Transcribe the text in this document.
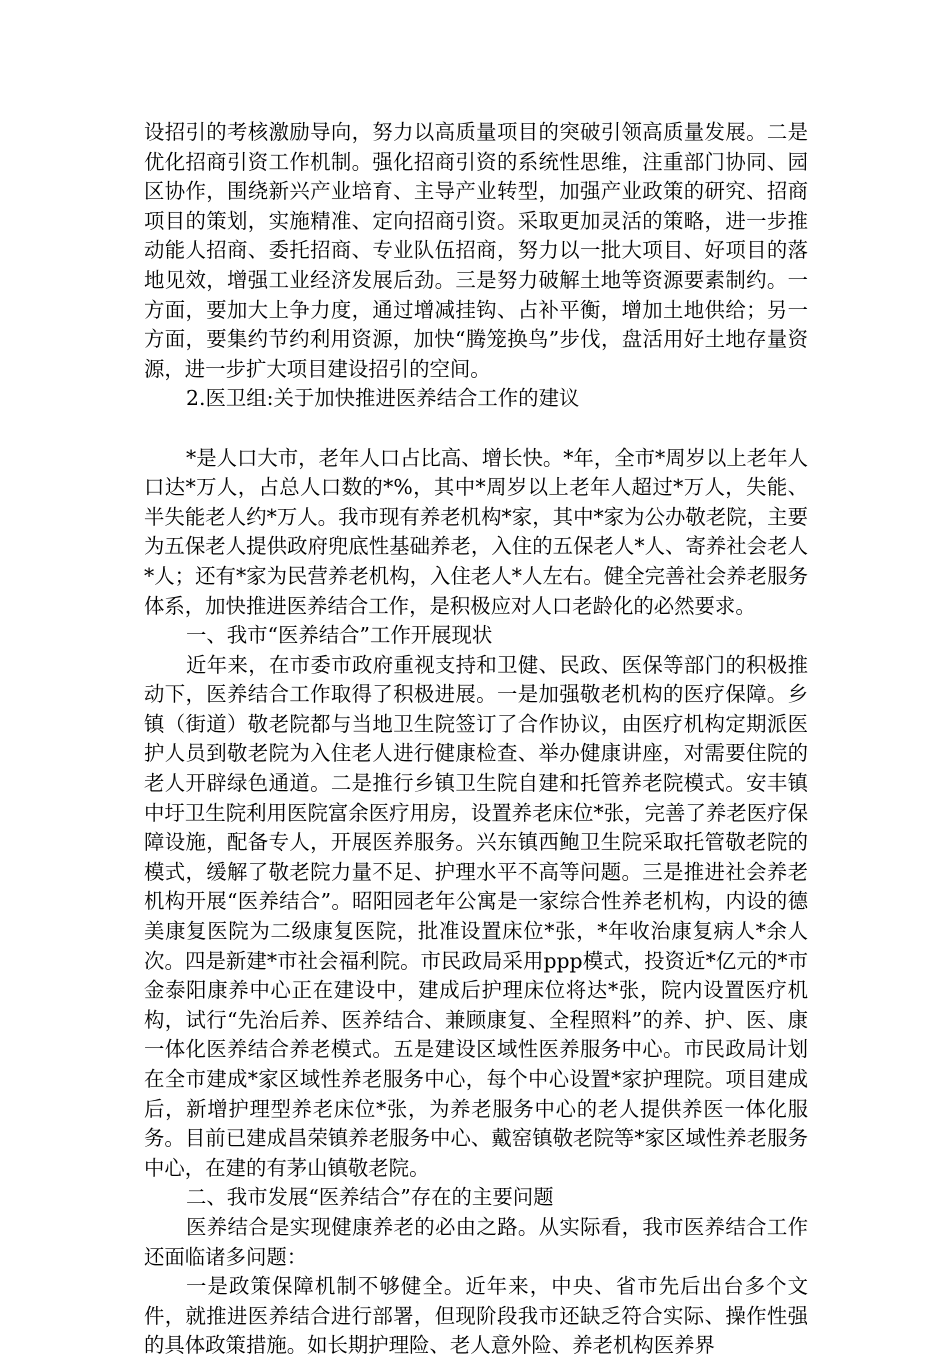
设招引的考核激励导向，努力以高质量项目的突破引领高质量发展。二是优化招商引资工作机制。强化招商引资的系统性思维，注重部门协同、园区协作，围绕新兴产业培育、主导产业转型，加强产业政策的研究、招商项目的策划，实施精准、定向招商引资。采取更加灵活的策略，进一步推动能人招商、委托招商、专业队伍招商，努力以一批大项目、好项目的落地见效，增强工业经济发展后劲。三是努力破解土地等资源要素制约。一方面，要加大上争力度，通过增减挂钩、占补平衡，增加土地供给；另一方面，要集约节约利用资源，加快“腾笼换鸟”步伐，盘活用好土地存量资源，进一步扩大项目建设招引的空间。

2.医卫组:关于加快推进医养结合工作的建议

*是人口大市，老年人口占比高、增长快。*年，全市*周岁以上老年人口达*万人，占总人口数的*%，其中*周岁以上老年人超过*万人，失能、半失能老人约*万人。我市现有养老机构*家，其中*家为公办敬老院，主要为五保老人提供政府兜底性基础养老，入住的五保老人*人、寄养社会老人*人；还有*家为民营养老机构，入住老人*人左右。健全完善社会养老服务体系，加快推进医养结合工作，是积极应对人口老龄化的必然要求。

一、我市“医养结合”工作开展现状

近年来，在市委市政府重视支持和卫健、民政、医保等部门的积极推动下，医养结合工作取得了积极进展。一是加强敬老机构的医疗保障。乡镇（街道）敬老院都与当地卫生院签订了合作协议，由医疗机构定期派医护人员到敬老院为入住老人进行健康检查、举办健康讲座，对需要住院的老人开辟绿色通道。二是推行乡镇卫生院自建和托管养老院模式。安丰镇中圩卫生院利用医院富余医疗用房，设置养老床位*张，完善了养老医疗保障设施，配备专人，开展医养服务。兴东镇西鲍卫生院采取托管敬老院的模式，缓解了敬老院力量不足、护理水平不高等问题。三是推进社会养老机构开展“医养结合”。昭阳园老年公寓是一家综合性养老机构，内设的德美康复医院为二级康复医院，批准设置床位*张，*年收治康复病人*余人次。四是新建*市社会福利院。市民政局采用ppp模式，投资近*亿元的*市金泰阳康养中心正在建设中，建成后护理床位将达*张，院内设置医疗机构，试行“先治后养、医养结合、兼顾康复、全程照料”的养、护、医、康一体化医养结合养老模式。五是建设区域性医养服务中心。市民政局计划在全市建成*家区域性养老服务中心，每个中心设置*家护理院。项目建成后，新增护理型养老床位*张，为养老服务中心的老人提供养医一体化服务。目前已建成昌荣镇养老服务中心、戴窑镇敬老院等*家区域性养老服务中心，在建的有茅山镇敬老院。

二、我市发展“医养结合”存在的主要问题

医养结合是实现健康养老的必由之路。从实际看，我市医养结合工作还面临诸多问题：

一是政策保障机制不够健全。近年来，中央、省市先后出台多个文件，就推进医养结合进行部署，但现阶段我市还缺乏符合实际、操作性强的具体政策措施。如长期护理险、老人意外险、养老机构医养界
